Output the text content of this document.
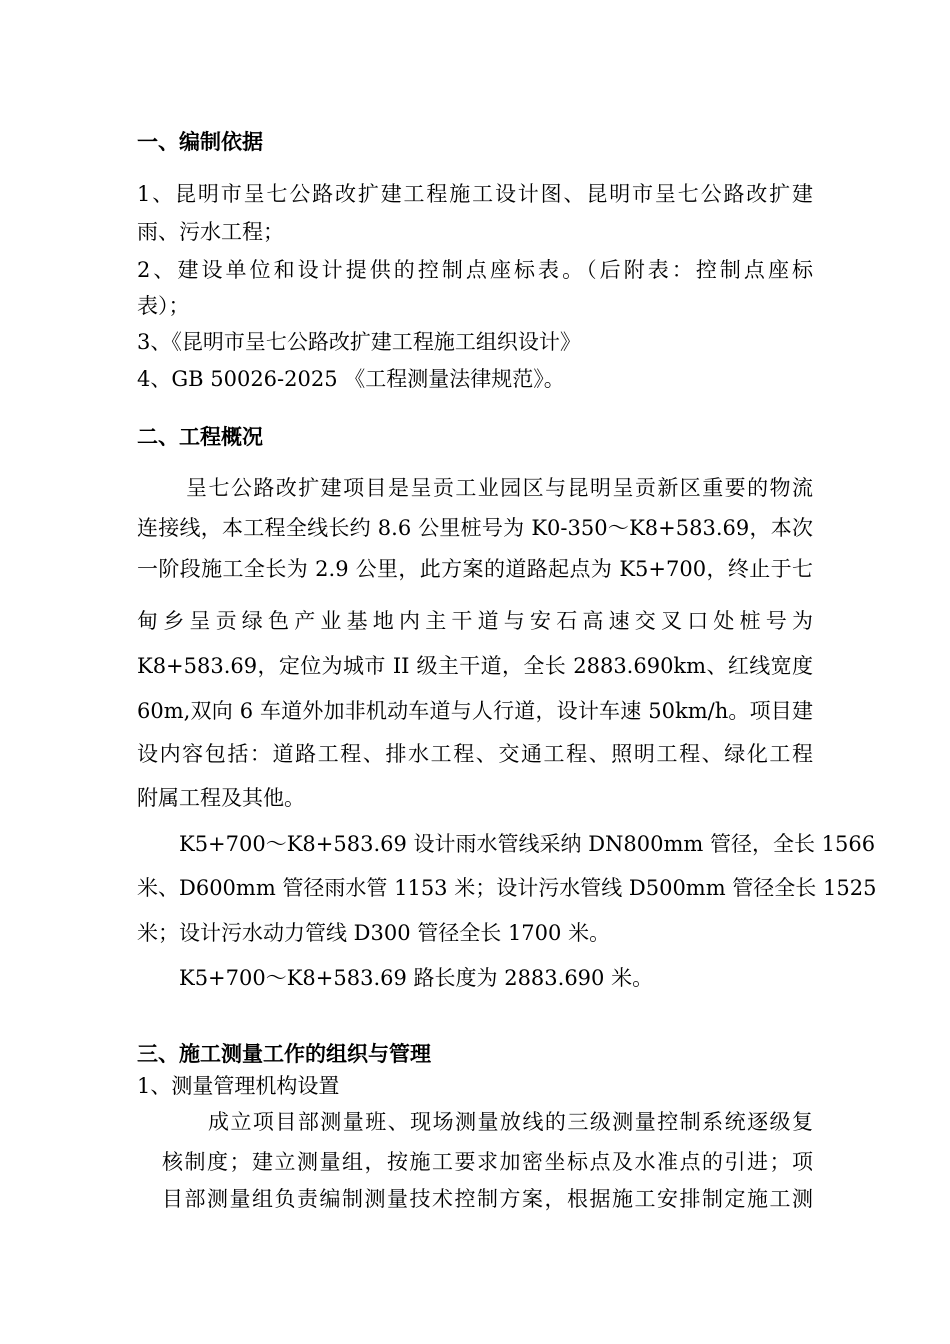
一、编制依据
1、昆明市呈七公路改扩建工程施工设计图、昆明市呈七公路改扩建
雨、污水工程；
2、建设单位和设计提供的控制点座标表。（后附表：控制点座标
表）；
3、《昆明市呈七公路改扩建工程施工组织设计》
4、GB 50026-2025 《工程测量法律规范》。
二、工程概况
呈七公路改扩建项目是呈贡工业园区与昆明呈贡新区重要的物流
连接线，本工程全线长约 8.6 公里桩号为 K0-350～K8+583.69，本次
一阶段施工全长为 2.9 公里，此方案的道路起点为 K5+700，终止于七
甸乡呈贡绿色产业基地内主干道与安石高速交叉口处桩号为
K8+583.69，定位为城市 II 级主干道，全长 2883.690km、红线宽度
60m,双向 6 车道外加非机动车道与人行道，设计车速 50km/h。项目建
设内容包括：道路工程、排水工程、交通工程、照明工程、绿化工程
附属工程及其他。
K5+700～K8+583.69 设计雨水管线采纳 DN800mm 管径，全长 1566
米、D600mm 管径雨水管 1153 米；设计污水管线 D500mm 管径全长 1525
米；设计污水动力管线 D300 管径全长 1700 米。
K5+700～K8+583.69 路长度为 2883.690 米。
三、施工测量工作的组织与管理
1、测量管理机构设置
成立项目部测量班、现场测量放线的三级测量控制系统逐级复
核制度；建立测量组，按施工要求加密坐标点及水准点的引进；项
目部测量组负责编制测量技术控制方案，根据施工安排制定施工测
